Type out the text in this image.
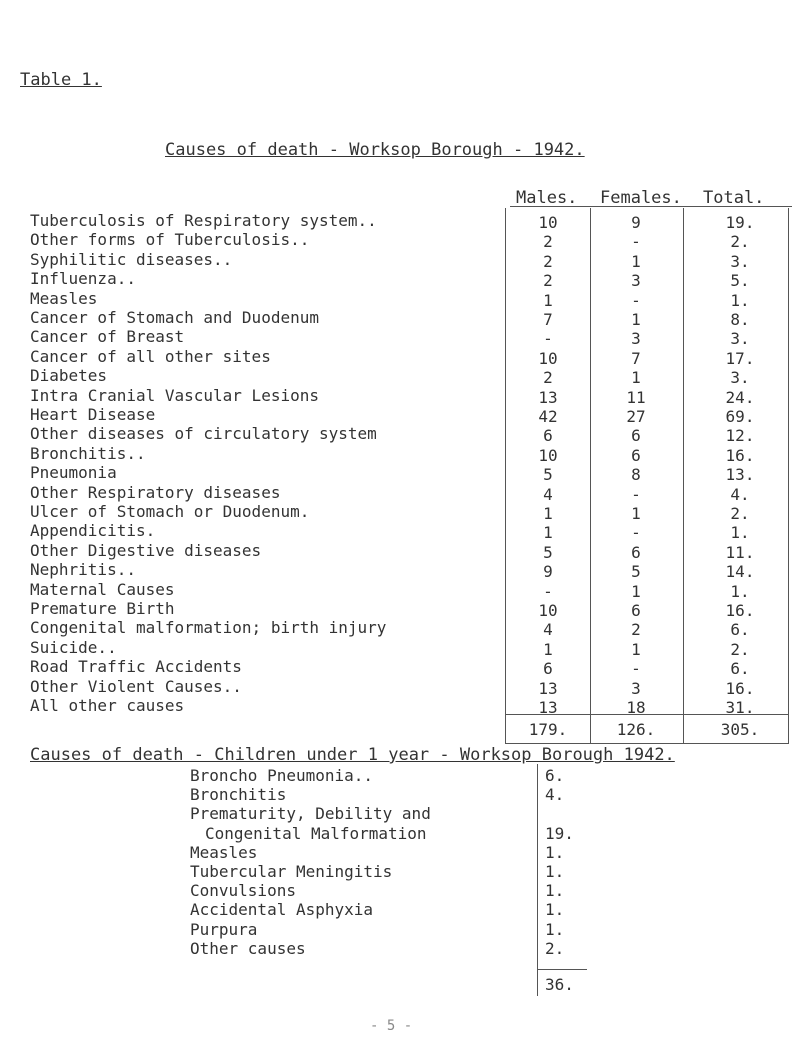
Table 1.
Causes of death - Worksop Borough - 1942.
Males. Females. Total.
Tuberculosis of Respiratory system..	10	9	19.
Other forms of Tuberculosis..	2	-	2.
Syphilitic diseases..	2	1	3.
Influenza..	2	3	5.
Measles	1	-	1.
Cancer of Stomach and Duodenum	7	1	8.
Cancer of Breast	-	3	3.
Cancer of all other sites	10	7	17.
Diabetes	2	1	3.
Intra Cranial Vascular Lesions	13	11	24.
Heart Disease	42	27	69.
Other diseases of circulatory system	6	6	12.
Bronchitis..	10	6	16.
Pneumonia	5	8	13.
Other Respiratory diseases	4	-	4.
Ulcer of Stomach or Duodenum.	1	1	2.
Appendicitis.	1	-	1.
Other Digestive diseases	5	6	11.
Nephritis..	9	5	14.
Maternal Causes	-	1	1.
Premature Birth	10	6	16.
Congenital malformation; birth injury	4	2	6.
Suicide..	1	1	2.
Road Traffic Accidents	6	-	6.
Other Violent Causes..	13	3	16.
All other causes	13	18	31.
179.	126.	305.
Causes of death - Children under 1 year - Worksop Borough 1942.
Broncho Pneumonia..	6.
Bronchitis	4.
Prematurity, Debility and
Congenital Malformation	19.
Measles	1.
Tubercular Meningitis	1.
Convulsions	1.
Accidental Asphyxia	1.
Purpura	1.
Other causes	2.
36.
- 5 -
